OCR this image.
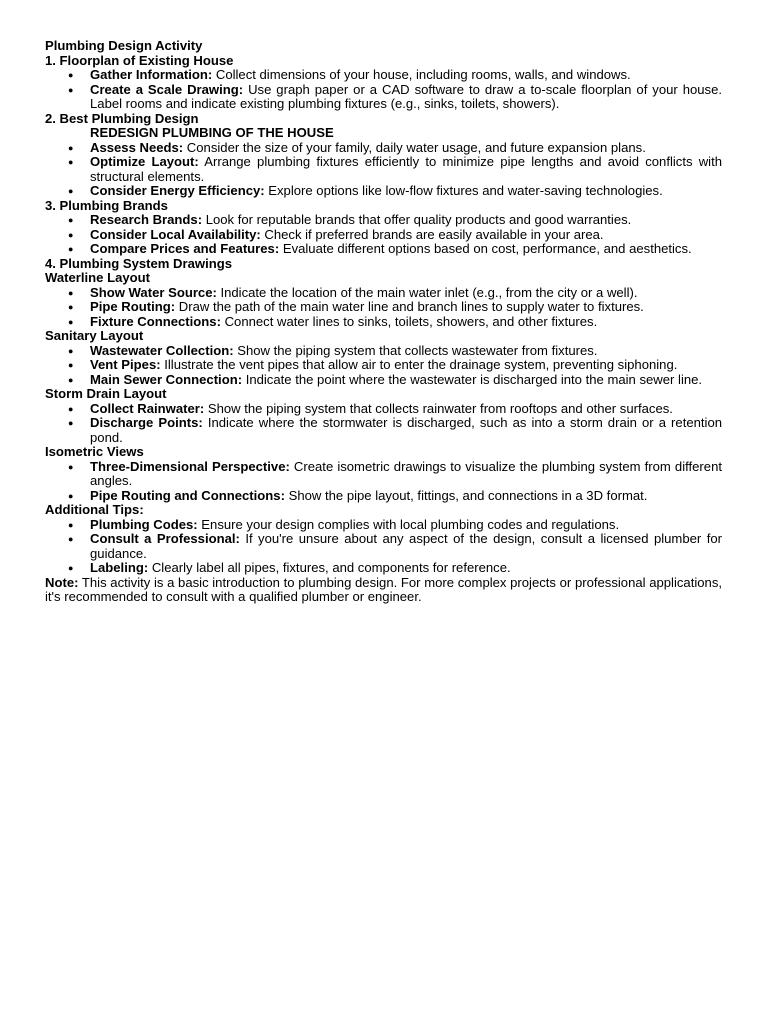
Plumbing Design Activity

1. Floorplan of Existing House

● Gather Information: Collect dimensions of your house, including rooms, walls, and windows.
● Create a Scale Drawing: Use graph paper or a CAD software to draw a to-scale floorplan of your house. Label rooms and indicate existing plumbing fixtures (e.g., sinks, toilets, showers).

2. Best Plumbing Design

REDESIGN PLUMBING OF THE HOUSE

● Assess Needs: Consider the size of your family, daily water usage, and future expansion plans.
● Optimize Layout: Arrange plumbing fixtures efficiently to minimize pipe lengths and avoid conflicts with structural elements.
● Consider Energy Efficiency: Explore options like low-flow fixtures and water-saving technologies.

3. Plumbing Brands

● Research Brands: Look for reputable brands that offer quality products and good warranties.
● Consider Local Availability: Check if preferred brands are easily available in your area.
● Compare Prices and Features: Evaluate different options based on cost, performance, and aesthetics.

4. Plumbing System Drawings

Waterline Layout

● Show Water Source: Indicate the location of the main water inlet (e.g., from the city or a well).
● Pipe Routing: Draw the path of the main water line and branch lines to supply water to fixtures.
● Fixture Connections: Connect water lines to sinks, toilets, showers, and other fixtures.

Sanitary Layout

● Wastewater Collection: Show the piping system that collects wastewater from fixtures.
● Vent Pipes: Illustrate the vent pipes that allow air to enter the drainage system, preventing siphoning.
● Main Sewer Connection: Indicate the point where the wastewater is discharged into the main sewer line.

Storm Drain Layout

● Collect Rainwater: Show the piping system that collects rainwater from rooftops and other surfaces.
● Discharge Points: Indicate where the stormwater is discharged, such as into a storm drain or a retention pond.

Isometric Views

● Three-Dimensional Perspective: Create isometric drawings to visualize the plumbing system from different angles.
● Pipe Routing and Connections: Show the pipe layout, fittings, and connections in a 3D format.

Additional Tips:

● Plumbing Codes: Ensure your design complies with local plumbing codes and regulations.
● Consult a Professional: If you're unsure about any aspect of the design, consult a licensed plumber for guidance.
● Labeling: Clearly label all pipes, fixtures, and components for reference.

Note: This activity is a basic introduction to plumbing design. For more complex projects or professional applications, it's recommended to consult with a qualified plumber or engineer.
